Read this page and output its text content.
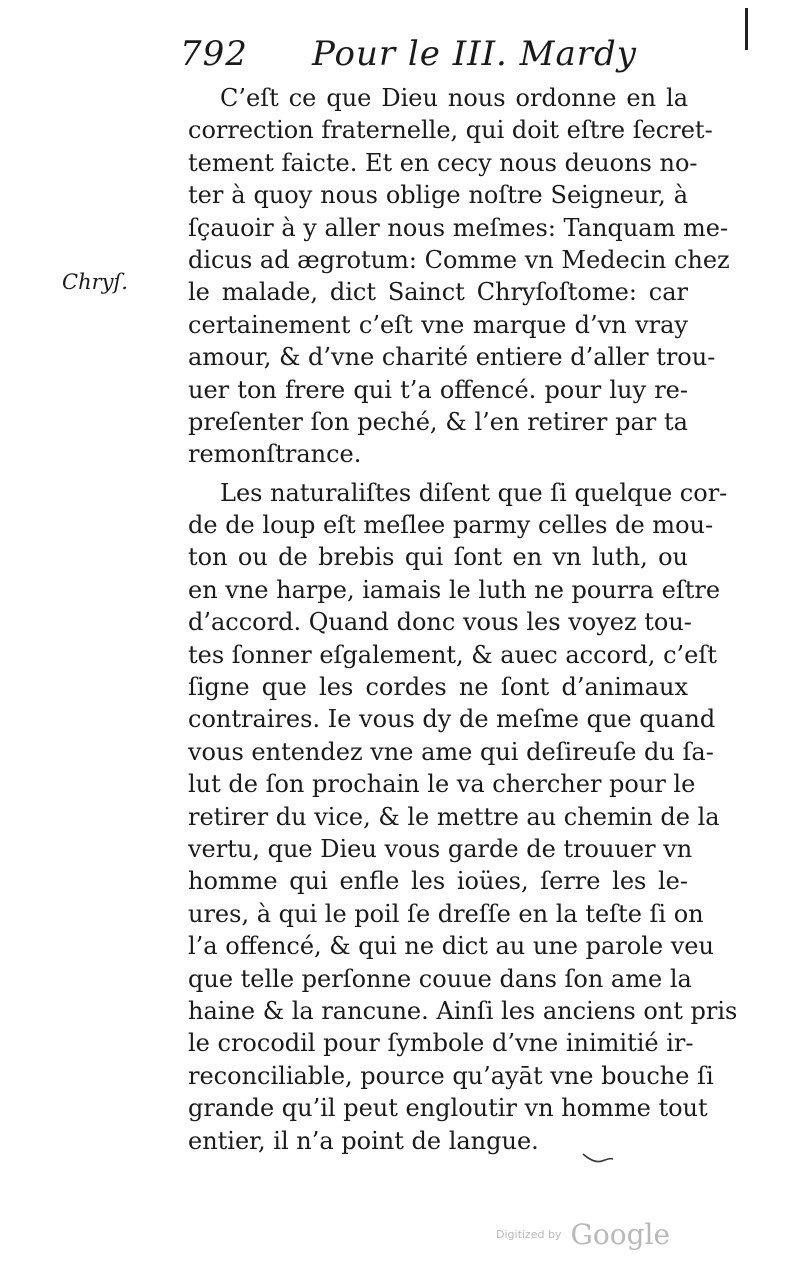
792 Pour le III. Mardy
Chryſ.
C’eſt ce que Dieu nous ordonne en la
correction fraternelle, qui doit eſtre ſecret-
tement faicte. Et en cecy nous deuons no-
ter à quoy nous oblige noſtre Seigneur, à
ſçauoir à y aller nous meſmes: Tanquam me-
dicus ad ægrotum: Comme vn Medecin chez
le malade, dict Sainct Chryſoſtome: car
certainement c’eſt vne marque d’vn vray
amour, & d’vne charité entiere d’aller trou-
uer ton frere qui t’a offencé. pour luy re-
preſenter ſon peché, & l’en retirer par ta
remonſtrance.
Les naturaliſtes diſent que ſi quelque cor-
de de loup eſt meſlee parmy celles de mou-
ton ou de brebis qui ſont en vn luth, ou
en vne harpe, iamais le luth ne pourra eſtre
d’accord. Quand donc vous les voyez tou-
tes ſonner eſgalement, & auec accord, c’eſt
ſigne que les cordes ne ſont d’animaux
contraires. Ie vous dy de meſme que quand
vous entendez vne ame qui deſireuſe du ſa-
lut de ſon prochain le va chercher pour le
retirer du vice, & le mettre au chemin de la
vertu, que Dieu vous garde de trouuer vn
homme qui enfle les ioües, ſerre les le-
ures, à qui le poil ſe dreſſe en la teſte ſi on
l’a offencé, & qui ne dict au une parole veu
que telle perſonne couue dans ſon ame la
haine & la rancune. Ainſi les anciens ont pris
le crocodil pour ſymbole d’vne inimitié ir-
reconciliable, pource qu’ayāt vne bouche ſi
grande qu’il peut engloutir vn homme tout
entier, il n’a point de langue.
Digitized by Google
